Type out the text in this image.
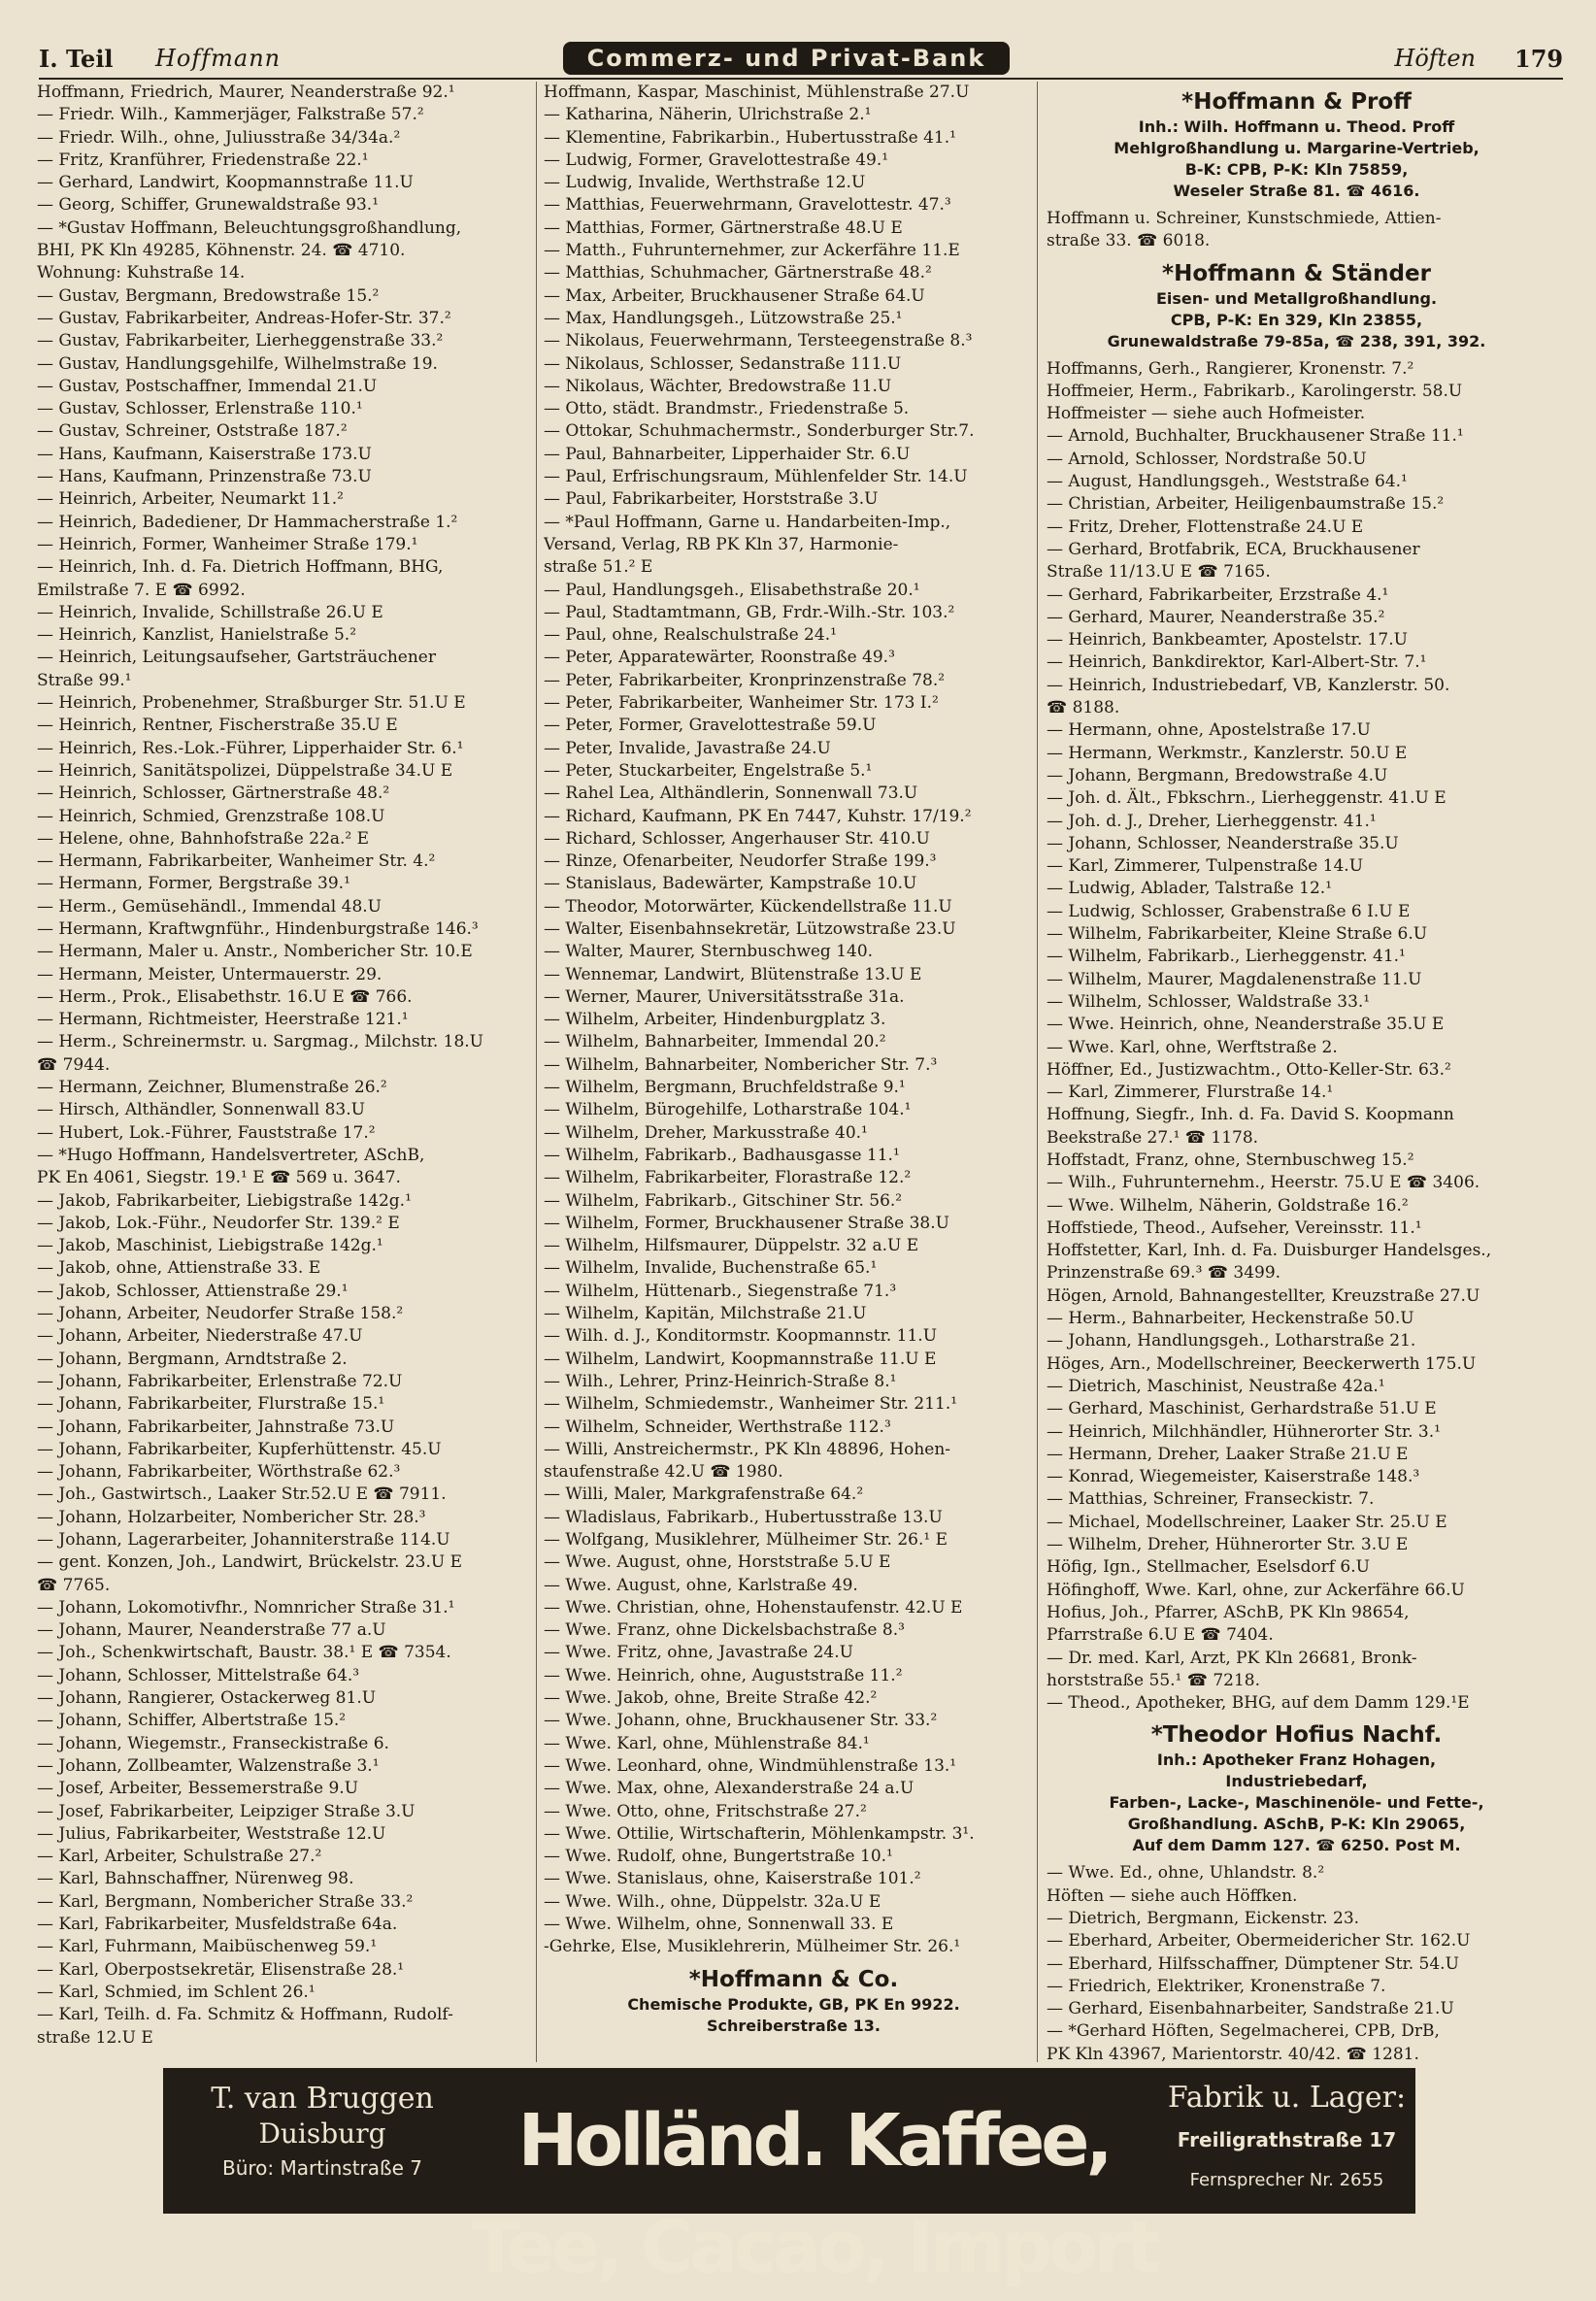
I. Teil	Hoffmann	Commerz- und Privat-Bank	Höften	179
Hoffmann, Friedrich, Maurer, Neanderstraße 92.¹
— Friedr. Wilh., Kammerjäger, Falkstraße 57.²
— Friedr. Wilh., ohne, Juliusstraße 34/34a.²
— Fritz, Kranführer, Friedenstraße 22.¹
— Gerhard, Landwirt, Koopmannstraße 11.U
— Georg, Schiffer, Grunewaldstraße 93.¹
— *Gustav Hoffmann, Beleuchtungsgroßhandlung,
BHI, PK Kln 49285, Köhnenstr. 24. ☎ 4710.
Wohnung: Kuhstraße 14.
— Gustav, Bergmann, Bredowstraße 15.²
— Gustav, Fabrikarbeiter, Andreas-Hofer-Str. 37.²
— Gustav, Fabrikarbeiter, Lierheggenstraße 33.²
— Gustav, Handlungsgehilfe, Wilhelmstraße 19.
— Gustav, Postschaffner, Immendal 21.U
— Gustav, Schlosser, Erlenstraße 110.¹
— Gustav, Schreiner, Oststraße 187.²
— Hans, Kaufmann, Kaiserstraße 173.U
— Hans, Kaufmann, Prinzenstraße 73.U
— Heinrich, Arbeiter, Neumarkt 11.²
— Heinrich, Badediener, Dr Hammacherstraße 1.²
— Heinrich, Former, Wanheimer Straße 179.¹
— Heinrich, Inh. d. Fa. Dietrich Hoffmann, BHG,
Emilstraße 7. E ☎ 6992.
— Heinrich, Invalide, Schillstraße 26.U E
— Heinrich, Kanzlist, Hanielstraße 5.²
— Heinrich, Leitungsaufseher, Gartsträuchener
Straße 99.¹
— Heinrich, Probenehmer, Straßburger Str. 51.U E
— Heinrich, Rentner, Fischerstraße 35.U E
— Heinrich, Res.-Lok.-Führer, Lipperhaider Str. 6.¹
— Heinrich, Sanitätspolizei, Düppelstraße 34.U E
— Heinrich, Schlosser, Gärtnerstraße 48.²
— Heinrich, Schmied, Grenzstraße 108.U
— Helene, ohne, Bahnhofstraße 22a.² E
— Hermann, Fabrikarbeiter, Wanheimer Str. 4.²
— Hermann, Former, Bergstraße 39.¹
— Herm., Gemüsehändl., Immendal 48.U
— Hermann, Kraftwgnführ., Hindenburgstraße 146.³
— Hermann, Maler u. Anstr., Nombericher Str. 10.E
— Hermann, Meister, Untermauerstr. 29.
— Herm., Prok., Elisabethstr. 16.U E ☎ 766.
— Hermann, Richtmeister, Heerstraße 121.¹
— Herm., Schreinermstr. u. Sargmag., Milchstr. 18.U
☎ 7944.
— Hermann, Zeichner, Blumenstraße 26.²
— Hirsch, Althändler, Sonnenwall 83.U
— Hubert, Lok.-Führer, Fauststraße 17.²
— *Hugo Hoffmann, Handelsvertreter, ASchB,
PK En 4061, Siegstr. 19.¹ E ☎ 569 u. 3647.
— Jakob, Fabrikarbeiter, Liebigstraße 142g.¹
— Jakob, Lok.-Führ., Neudorfer Str. 139.² E
— Jakob, Maschinist, Liebigstraße 142g.¹
— Jakob, ohne, Attienstraße 33. E
— Jakob, Schlosser, Attienstraße 29.¹
— Johann, Arbeiter, Neudorfer Straße 158.²
— Johann, Arbeiter, Niederstraße 47.U
— Johann, Bergmann, Arndtstraße 2.
— Johann, Fabrikarbeiter, Erlenstraße 72.U
— Johann, Fabrikarbeiter, Flurstraße 15.¹
— Johann, Fabrikarbeiter, Jahnstraße 73.U
— Johann, Fabrikarbeiter, Kupferhüttenstr. 45.U
— Johann, Fabrikarbeiter, Wörthstraße 62.³
— Joh., Gastwirtsch., Laaker Str.52.U E ☎ 7911.
— Johann, Holzarbeiter, Nombericher Str. 28.³
— Johann, Lagerarbeiter, Johanniterstraße 114.U
— gent. Konzen, Joh., Landwirt, Brückelstr. 23.U E
☎ 7765.
— Johann, Lokomotivfhr., Nomnricher Straße 31.¹
— Johann, Maurer, Neanderstraße 77 a.U
— Joh., Schenkwirtschaft, Baustr. 38.¹ E ☎ 7354.
— Johann, Schlosser, Mittelstraße 64.³
— Johann, Rangierer, Ostackerweg 81.U
— Johann, Schiffer, Albertstraße 15.²
— Johann, Wiegemstr., Franseckistraße 6.
— Johann, Zollbeamter, Walzenstraße 3.¹
— Josef, Arbeiter, Bessemerstraße 9.U
— Josef, Fabrikarbeiter, Leipziger Straße 3.U
— Julius, Fabrikarbeiter, Weststraße 12.U
— Karl, Arbeiter, Schulstraße 27.²
— Karl, Bahnschaffner, Nürenweg 98.
— Karl, Bergmann, Nombericher Straße 33.²
— Karl, Fabrikarbeiter, Musfeldstraße 64a.
— Karl, Fuhrmann, Maibüschenweg 59.¹
— Karl, Oberpostsekretär, Elisenstraße 28.¹
— Karl, Schmied, im Schlent 26.¹
— Karl, Teilh. d. Fa. Schmitz & Hoffmann, Rudolf-
straße 12.U E
Hoffmann, Kaspar, Maschinist, Mühlenstraße 27.U
— Katharina, Näherin, Ulrichstraße 2.¹
— Klementine, Fabrikarbin., Hubertusstraße 41.¹
— Ludwig, Former, Gravelottestraße 49.¹
— Ludwig, Invalide, Werthstraße 12.U
— Matthias, Feuerwehrmann, Gravelottestr. 47.³
— Matthias, Former, Gärtnerstraße 48.U E
— Matth., Fuhrunternehmer, zur Ackerfähre 11.E
— Matthias, Schuhmacher, Gärtnerstraße 48.²
— Max, Arbeiter, Bruckhausener Straße 64.U
— Max, Handlungsgeh., Lützowstraße 25.¹
— Nikolaus, Feuerwehrmann, Tersteegenstraße 8.³
— Nikolaus, Schlosser, Sedanstraße 111.U
— Nikolaus, Wächter, Bredowstraße 11.U
— Otto, städt. Brandmstr., Friedenstraße 5.
— Ottokar, Schuhmachermstr., Sonderburger Str.7.
— Paul, Bahnarbeiter, Lipperhaider Str. 6.U
— Paul, Erfrischungsraum, Mühlenfelder Str. 14.U
— Paul, Fabrikarbeiter, Horststraße 3.U
— *Paul Hoffmann, Garne u. Handarbeiten-Imp.,
Versand, Verlag, RB PK Kln 37, Harmonie-
straße 51.² E
— Paul, Handlungsgeh., Elisabethstraße 20.¹
— Paul, Stadtamtmann, GB, Frdr.-Wilh.-Str. 103.²
— Paul, ohne, Realschulstraße 24.¹
— Peter, Apparatewärter, Roonstraße 49.³
— Peter, Fabrikarbeiter, Kronprinzenstraße 78.²
— Peter, Fabrikarbeiter, Wanheimer Str. 173 I.²
— Peter, Former, Gravelottestraße 59.U
— Peter, Invalide, Javastraße 24.U
— Peter, Stuckarbeiter, Engelstraße 5.¹
— Rahel Lea, Althändlerin, Sonnenwall 73.U
— Richard, Kaufmann, PK En 7447, Kuhstr. 17/19.²
— Richard, Schlosser, Angerhauser Str. 410.U
— Rinze, Ofenarbeiter, Neudorfer Straße 199.³
— Stanislaus, Badewärter, Kampstraße 10.U
— Theodor, Motorwärter, Kückendellstraße 11.U
— Walter, Eisenbahnsekretär, Lützowstraße 23.U
— Walter, Maurer, Sternbuschweg 140.
— Wennemar, Landwirt, Blütenstraße 13.U E
— Werner, Maurer, Universitätsstraße 31a.
— Wilhelm, Arbeiter, Hindenburgplatz 3.
— Wilhelm, Bahnarbeiter, Immendal 20.²
— Wilhelm, Bahnarbeiter, Nombericher Str. 7.³
— Wilhelm, Bergmann, Bruchfeldstraße 9.¹
— Wilhelm, Bürogehilfe, Lotharstraße 104.¹
— Wilhelm, Dreher, Markusstraße 40.¹
— Wilhelm, Fabrikarb., Badhausgasse 11.¹
— Wilhelm, Fabrikarbeiter, Florastraße 12.²
— Wilhelm, Fabrikarb., Gitschiner Str. 56.²
— Wilhelm, Former, Bruckhausener Straße 38.U
— Wilhelm, Hilfsmaurer, Düppelstr. 32 a.U E
— Wilhelm, Invalide, Buchenstraße 65.¹
— Wilhelm, Hüttenarb., Siegenstraße 71.³
— Wilhelm, Kapitän, Milchstraße 21.U
— Wilh. d. J., Konditormstr. Koopmannstr. 11.U
— Wilhelm, Landwirt, Koopmannstraße 11.U E
— Wilh., Lehrer, Prinz-Heinrich-Straße 8.¹
— Wilhelm, Schmiedemstr., Wanheimer Str. 211.¹
— Wilhelm, Schneider, Werthstraße 112.³
— Willi, Anstreichermstr., PK Kln 48896, Hohen-
staufenstraße 42.U ☎ 1980.
— Willi, Maler, Markgrafenstraße 64.²
— Wladislaus, Fabrikarb., Hubertusstraße 13.U
— Wolfgang, Musiklehrer, Mülheimer Str. 26.¹ E
— Wwe. August, ohne, Horststraße 5.U E
— Wwe. August, ohne, Karlstraße 49.
— Wwe. Christian, ohne, Hohenstaufenstr. 42.U E
— Wwe. Franz, ohne Dickelsbachstraße 8.³
— Wwe. Fritz, ohne, Javastraße 24.U
— Wwe. Heinrich, ohne, Auguststraße 11.²
— Wwe. Jakob, ohne, Breite Straße 42.²
— Wwe. Johann, ohne, Bruckhausener Str. 33.²
— Wwe. Karl, ohne, Mühlenstraße 84.¹
— Wwe. Leonhard, ohne, Windmühlenstraße 13.¹
— Wwe. Max, ohne, Alexanderstraße 24 a.U
— Wwe. Otto, ohne, Fritschstraße 27.²
— Wwe. Ottilie, Wirtschafterin, Möhlenkampstr. 3¹.
— Wwe. Rudolf, ohne, Bungertstraße 10.¹
— Wwe. Stanislaus, ohne, Kaiserstraße 101.²
— Wwe. Wilh., ohne, Düppelstr. 32a.U E
— Wwe. Wilhelm, ohne, Sonnenwall 33. E
-Gehrke, Else, Musiklehrerin, Mülheimer Str. 26.¹
*Hoffmann & Co.
Chemische Produkte, GB, PK En 9922.
Schreiberstraße 13.
*Hoffmann & Proff
Inh.: Wilh. Hoffmann u. Theod. Proff
Mehlgroßhandlung u. Margarine-Vertrieb,
B-K: CPB, P-K: Kln 75859,
Weseler Straße 81. ☎ 4616.
Hoffmann u. Schreiner, Kunstschmiede, Attien-
straße 33. ☎ 6018.
*Hoffmann & Ständer
Eisen- und Metallgroßhandlung.
CPB, P-K: En 329, Kln 23855,
Grunewaldstraße 79-85a, ☎ 238, 391, 392.
Hoffmanns, Gerh., Rangierer, Kronenstr. 7.²
Hoffmeier, Herm., Fabrikarb., Karolingerstr. 58.U
Hoffmeister — siehe auch Hofmeister.
— Arnold, Buchhalter, Bruckhausener Straße 11.¹
— Arnold, Schlosser, Nordstraße 50.U
— August, Handlungsgeh., Weststraße 64.¹
— Christian, Arbeiter, Heiligenbaumstraße 15.²
— Fritz, Dreher, Flottenstraße 24.U E
— Gerhard, Brotfabrik, ECA, Bruckhausener
Straße 11/13.U E ☎ 7165.
— Gerhard, Fabrikarbeiter, Erzstraße 4.¹
— Gerhard, Maurer, Neanderstraße 35.²
— Heinrich, Bankbeamter, Apostelstr. 17.U
— Heinrich, Bankdirektor, Karl-Albert-Str. 7.¹
— Heinrich, Industriebedarf, VB, Kanzlerstr. 50.
☎ 8188.
— Hermann, ohne, Apostelstraße 17.U
— Hermann, Werkmstr., Kanzlerstr. 50.U E
— Johann, Bergmann, Bredowstraße 4.U
— Joh. d. Ält., Fbkschrn., Lierheggenstr. 41.U E
— Joh. d. J., Dreher, Lierheggenstr. 41.¹
— Johann, Schlosser, Neanderstraße 35.U
— Karl, Zimmerer, Tulpenstraße 14.U
— Ludwig, Ablader, Talstraße 12.¹
— Ludwig, Schlosser, Grabenstraße 6 I.U E
— Wilhelm, Fabrikarbeiter, Kleine Straße 6.U
— Wilhelm, Fabrikarb., Lierheggenstr. 41.¹
— Wilhelm, Maurer, Magdalenenstraße 11.U
— Wilhelm, Schlosser, Waldstraße 33.¹
— Wwe. Heinrich, ohne, Neanderstraße 35.U E
— Wwe. Karl, ohne, Werftstraße 2.
Höffner, Ed., Justizwachtm., Otto-Keller-Str. 63.²
— Karl, Zimmerer, Flurstraße 14.¹
Hoffnung, Siegfr., Inh. d. Fa. David S. Koopmann
Beekstraße 27.¹ ☎ 1178.
Hoffstadt, Franz, ohne, Sternbuschweg 15.²
— Wilh., Fuhrunternehm., Heerstr. 75.U E ☎ 3406.
— Wwe. Wilhelm, Näherin, Goldstraße 16.²
Hoffstiede, Theod., Aufseher, Vereinsstr. 11.¹
Hoffstetter, Karl, Inh. d. Fa. Duisburger Handelsges.,
Prinzenstraße 69.³ ☎ 3499.
Högen, Arnold, Bahnangestellter, Kreuzstraße 27.U
— Herm., Bahnarbeiter, Heckenstraße 50.U
— Johann, Handlungsgeh., Lotharstraße 21.
Höges, Arn., Modellschreiner, Beeckerwerth 175.U
— Dietrich, Maschinist, Neustraße 42a.¹
— Gerhard, Maschinist, Gerhardstraße 51.U E
— Heinrich, Milchhändler, Hühnerorter Str. 3.¹
— Hermann, Dreher, Laaker Straße 21.U E
— Konrad, Wiegemeister, Kaiserstraße 148.³
— Matthias, Schreiner, Franseckistr. 7.
— Michael, Modellschreiner, Laaker Str. 25.U E
— Wilhelm, Dreher, Hühnerorter Str. 3.U E
Höfig, Ign., Stellmacher, Eselsdorf 6.U
Höfinghoff, Wwe. Karl, ohne, zur Ackerfähre 66.U
Hofius, Joh., Pfarrer, ASchB, PK Kln 98654,
Pfarrstraße 6.U E ☎ 7404.
— Dr. med. Karl, Arzt, PK Kln 26681, Bronk-
horststraße 55.¹ ☎ 7218.
— Theod., Apotheker, BHG, auf dem Damm 129.¹E
*Theodor Hofius Nachf.
Inh.: Apotheker Franz Hohagen,
Industriebedarf,
Farben-, Lacke-, Maschinenöle- und Fette-,
Großhandlung. ASchB, P-K: Kln 29065,
Auf dem Damm 127. ☎ 6250. Post M.
— Wwe. Ed., ohne, Uhlandstr. 8.²
Höften — siehe auch Höffken.
— Dietrich, Bergmann, Eickenstr. 23.
— Eberhard, Arbeiter, Obermeidericher Str. 162.U
— Eberhard, Hilfsschaffner, Dümptener Str. 54.U
— Friedrich, Elektriker, Kronenstraße 7.
— Gerhard, Eisenbahnarbeiter, Sandstraße 21.U
— *Gerhard Höften, Segelmacherei, CPB, DrB,
PK Kln 43967, Marientorstr. 40/42. ☎ 1281.
T. van Bruggen
Duisburg
Büro: Martinstraße 7	Holländ. Kaffee, Tee, Cacao, Import
Fabrik u. Lager:
Freiligrathstraße 17
Fernsprecher Nr. 2655
